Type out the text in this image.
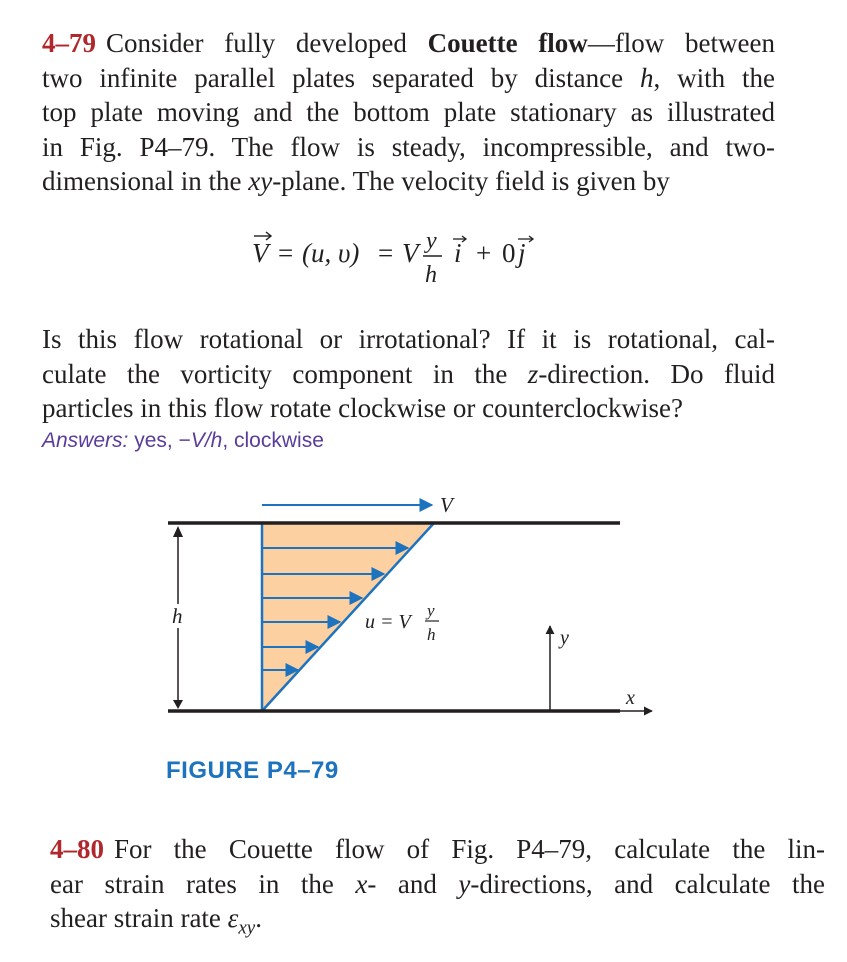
4–79 Consider fully developed Couette flow—flow between
two infinite parallel plates separated by distance h, with the
top plate moving and the bottom plate stationary as illustrated
in Fig. P4–79. The flow is steady, incompressible, and two-
dimensional in the xy-plane. The velocity field is given by
V = (u, υ) = V y
h
i + 0 j
Is this flow rotational or irrotational? If it is rotational, cal-
culate the vorticity component in the z-direction. Do fluid
particles in this flow rotate clockwise or counterclockwise?
Answers: yes, −V/h, clockwise
V
h	u = V
y
h	y
x
FIGURE P4–79
4–80 For the Couette flow of Fig. P4–79, calculate the lin-
ear strain rates in the x- and y-directions, and calculate the
shear strain rate $\varepsilon_{xy}$.
